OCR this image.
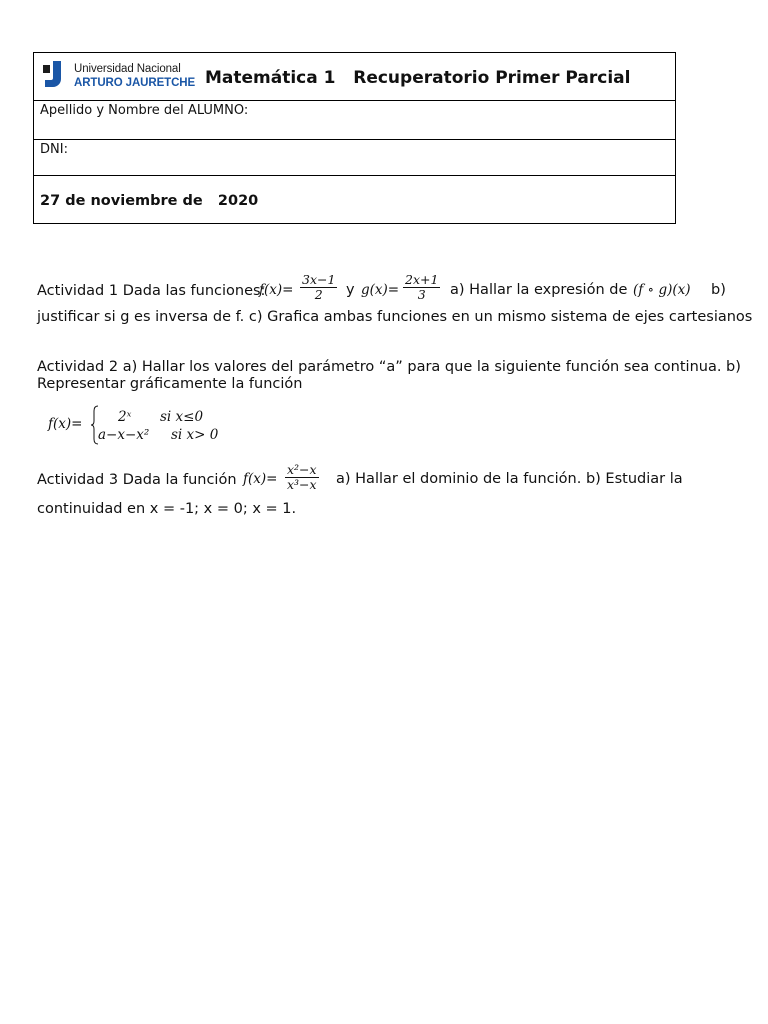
Universidad Nacional
ARTURO JAURETCHE Matemática 1   Recuperatorio Primer Parcial
Apellido y Nombre del ALUMNO:
DNI:
27 de noviembre de   2020
Actividad 1 Dada las funciones:
$f(x)= \frac{3x-1}{2}$ y $g(x)= \frac{2x+1}{3} a$) Hallar la expresión de (f ∘ g)(x) b)
justificar si g es inversa de f. c) Grafica ambas funciones en un mismo sistema de ejes cartesianos
Actividad 2 a) Hallar los valores del parámetro “a” para que la siguiente función sea continua. b)
Representar gráficamente la función
f(x)=	2ˣ si x≤0
a−x−x² si x> 0
Actividad 3 Dada la función $f(x)= \frac{\text{x²−x}}{\text{x³−x}} a$) Hallar el dominio de la función. b) Estudiar la
continuidad en x = -1; x = 0; x = 1.
